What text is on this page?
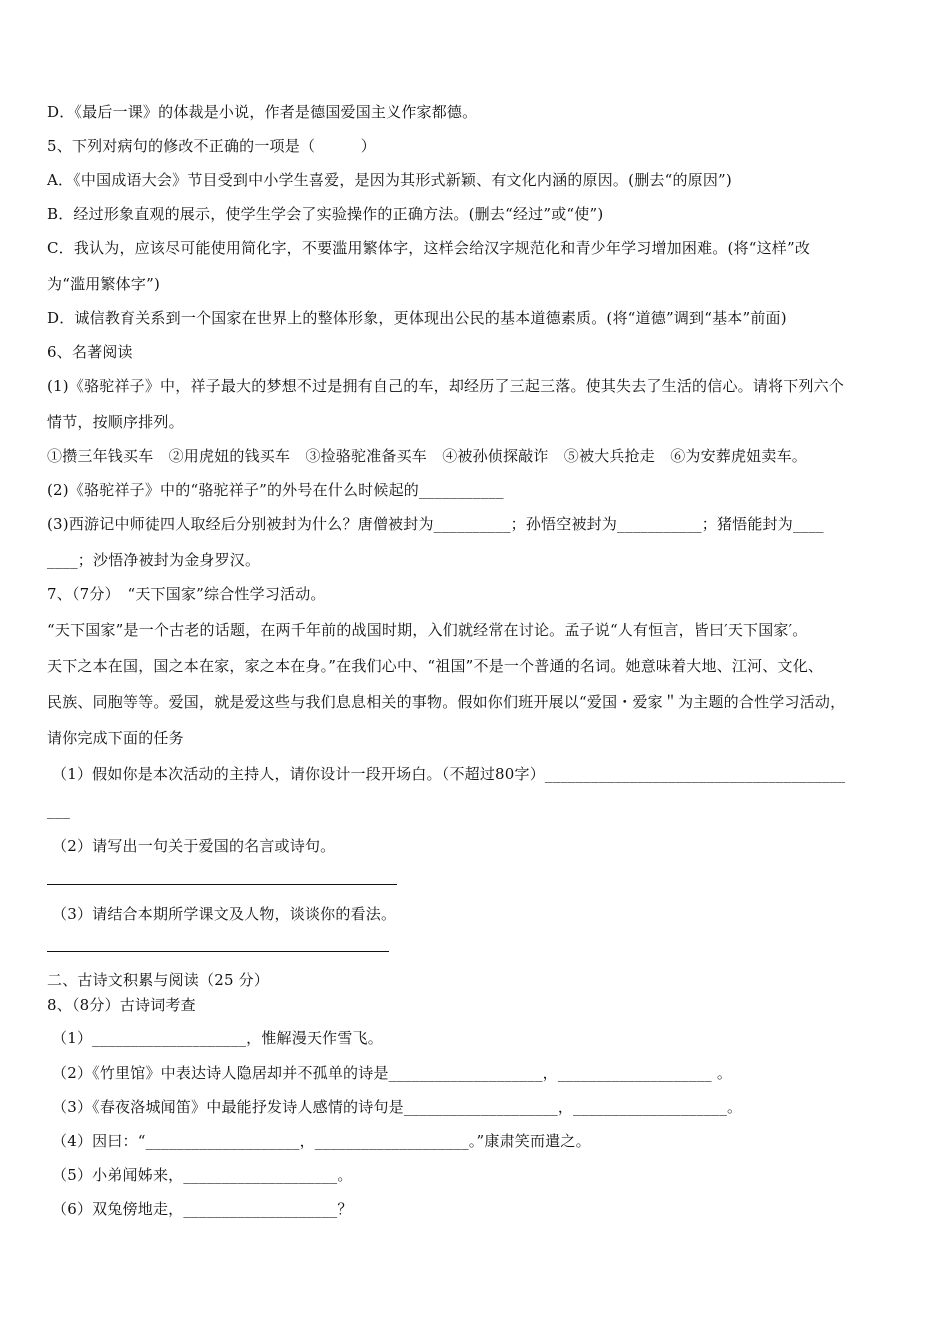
D．《最后一课》的体裁是小说，作者是德国爱国主义作家都德。
5、下列对病句的修改不正确的一项是（　　　）
A．《中国成语大会》节目受到中小学生喜爱，是因为其形式新颖、有文化内涵的原因。(删去“的原因”)
B．经过形象直观的展示，使学生学会了实验操作的正确方法。(删去“经过”或“使”)
C．我认为，应该尽可能使用简化字，不要滥用繁体字，这样会给汉字规范化和青少年学习增加困难。(将“这样”改
为“滥用繁体字”)
D．诚信教育关系到一个国家在世界上的整体形象，更体现出公民的基本道德素质。(将“道德”调到“基本”前面)
6、名著阅读
(1)《骆驼祥子》中，祥子最大的梦想不过是拥有自己的车，却经历了三起三落。使其失去了生活的信心。请将下列六个
情节，按顺序排列。
①攒三年钱买车　②用虎妞的钱买车　③捡骆驼准备买车　④被孙侦探敲诈　⑤被大兵抢走　⑥为安葬虎妞卖车。
(2)《骆驼祥子》中的“骆驼祥子”的外号在什么时候起的___________
(3)西游记中师徒四人取经后分别被封为什么？唐僧被封为__________；孙悟空被封为___________；猪悟能封为____
____；沙悟净被封为金身罗汉。
7、（7分）　“天下国家”综合性学习活动。
“天下国家”是一个古老的话题，在两千年前的战国时期，入们就经常在讨论。孟子说“人有恒言，皆曰′天下国家′。
天下之本在国，国之本在家，家之本在身。”在我们心中、“祖国”不是一个普通的名词。她意味着大地、江河、文化、
民族、同胞等等。爱国，就是爱这些与我们息息相关的事物。假如你们班开展以“爱国・爱家＂为主题的合性学习活动，
请你完成下面的任务
（1）假如你是本次活动的主持人，请你设计一段开场白。（不超过80字）_______________________________________
___
（2）请写出一句关于爱国的名言或诗句。
（3）请结合本期所学课文及人物，谈谈你的看法。
二、古诗文积累与阅读（25 分）
8、（8分）古诗词考查
（1）____________________，惟解漫天作雪飞。
（2）《竹里馆》中表达诗人隐居却并不孤单的诗是____________________，____________________ 。
（3）《春夜洛城闻笛》中最能抒发诗人感情的诗句是____________________，____________________。
（4）因曰：“____________________，____________________。”康肃笑而遣之。
（5）小弟闻姊来，____________________。
（6）双兔傍地走，____________________？
